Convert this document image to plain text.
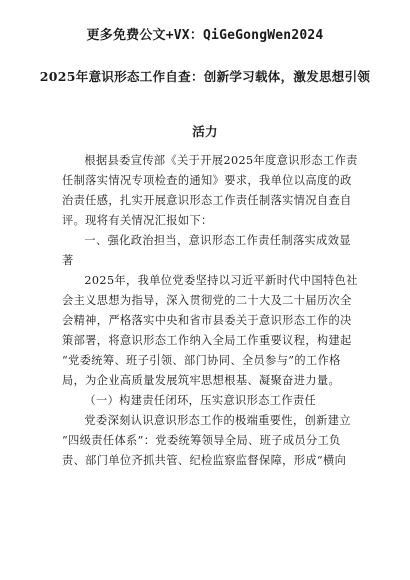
更多免费公文+VX：QiGeGongWen2024
2025年意识形态工作自查：创新学习载体，激发思想引领
活力
根据县委宣传部《关于开展2025年度意识形态工作责
任制落实情况专项检查的通知》要求，我单位以高度的政
治责任感，扎实开展意识形态工作责任制落实情况自查自
评。现将有关情况汇报如下：
一、强化政治担当，意识形态工作责任制落实成效显
著
2025年，我单位党委坚持以习近平新时代中国特色社
会主义思想为指导，深入贯彻党的二十大及二十届历次全
会精神，严格落实中央和省市县委关于意识形态工作的决
策部署，将意识形态工作纳入全局工作重要议程，构建起
“党委统筹、班子引领、部门协同、全员参与”的工作格
局，为企业高质量发展筑牢思想根基、凝聚奋进力量。
（一）构建责任闭环，压实意识形态工作责任
党委深刻认识意识形态工作的极端重要性，创新建立
“四级责任体系”：党委统筹领导全局、班子成员分工负
责、部门单位齐抓共管、纪检监察监督保障，形成“横向
